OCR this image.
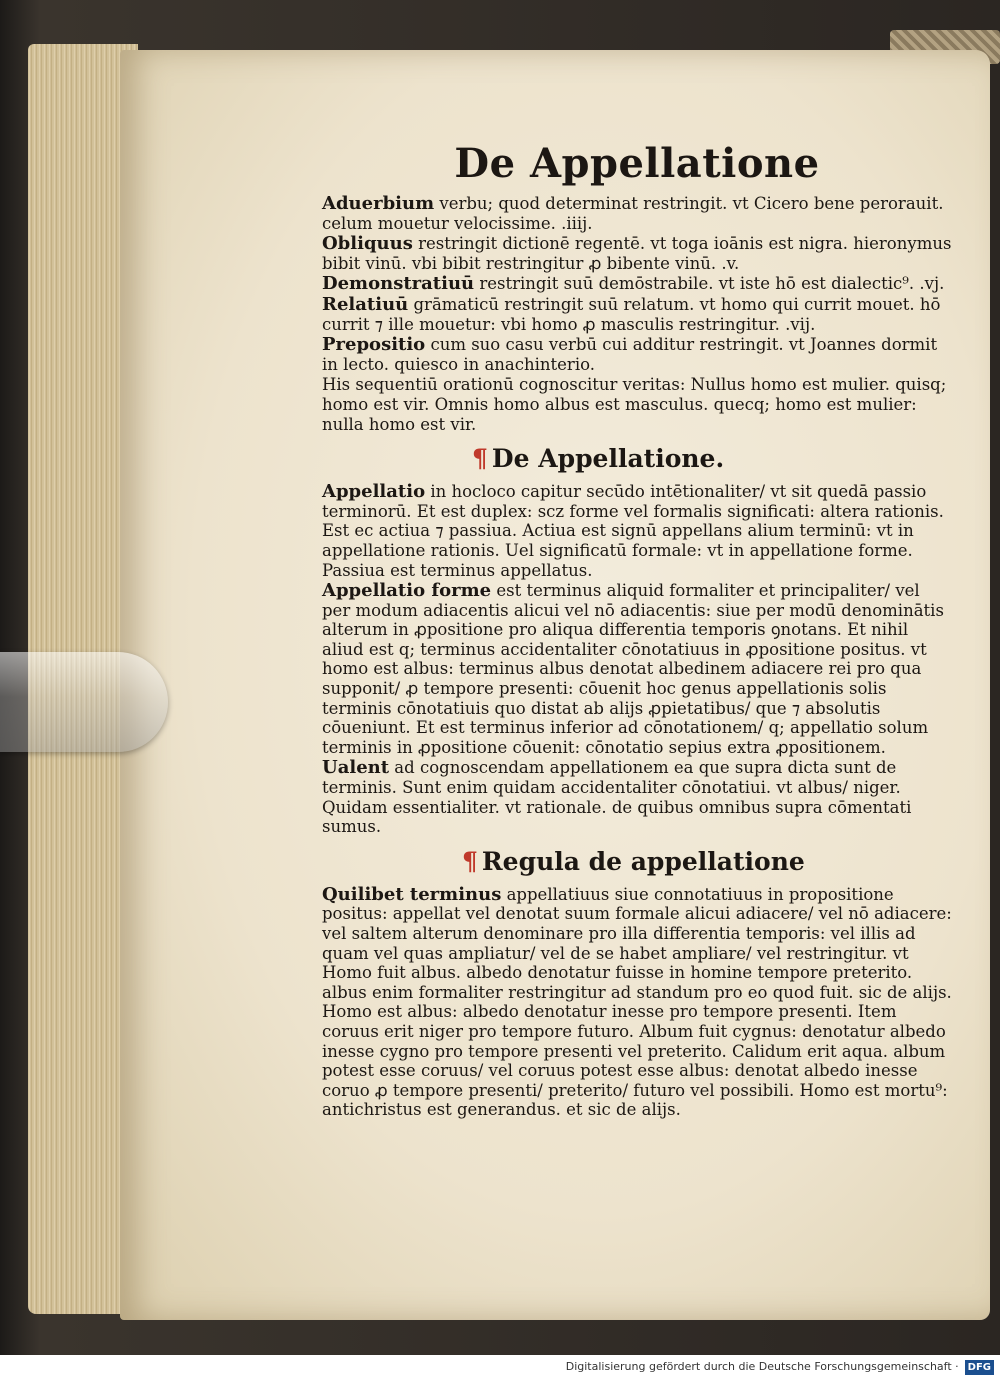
De Appellatione

Aduerbium verbu; quod determinat restringit. vt Cicero bene perorauit. celum mouetur velocissime. .iiij.

Obliquus restringit dictionē regentē. vt toga ioānis est nigra. hieronymus bibit vinū. vbi bibit restringitur ꝓ bibente vinū. .v.

Demonstratiuū restringit suū demōstrabile. vt iste hō est dialectic⁹. .vj.

Relatiuū grāmaticū restringit suū relatum. vt homo qui currit mouet. hō currit ⁊ ille mouetur: vbi homo ꝓ masculis restringitur. .vij.

Prepositio cum suo casu verbū cui additur restringit. vt Joannes dormit in lecto. quiesco in anachinterio.

His sequentiū orationū cognoscitur veritas: Nullus homo est mulier. quisq; homo est vir. Omnis homo albus est masculus. quecq; homo est mulier: nulla homo est vir.

¶ De Appellatione.

Appellatio in hocloco capitur secūdo intētionaliter/ vt sit quedā passio terminorū. Et est duplex: scz forme vel formalis significati: altera rationis. Est ec actiua ⁊ passiua. Actiua est signū appellans alium terminū: vt in appellatione rationis. Uel significatū formale: vt in appellatione forme. Passiua est terminus appellatus.

Appellatio forme est terminus aliquid formaliter et principaliter/ vel per modum adiacentis alicui vel nō adiacentis: siue per modū denominātis alterum in ꝓpositione pro aliqua differentia temporis ꝯnotans. Et nihil aliud est q; terminus accidentaliter cōnotatiuus in ꝓpositione positus. vt homo est albus: terminus albus denotat albedinem adiacere rei pro qua supponit/ ꝓ tempore presenti: cōuenit hoc genus appellationis solis terminis cōnotatiuis quo distat ab alijs ꝓpietatibus/ que ⁊ absolutis cōueniunt. Et est terminus inferior ad cōnotationem/ q; appellatio solum terminis in ꝓpositione cōuenit: cōnotatio sepius extra ꝓpositionem.

Ualent ad cognoscendam appellationem ea que supra dicta sunt de terminis. Sunt enim quidam accidentaliter cōnotatiui. vt albus/ niger. Quidam essentialiter. vt rationale. de quibus omnibus supra cōmentati sumus.

¶ Regula de appellatione

Quilibet terminus appellatiuus siue connotatiuus in propositione positus: appellat vel denotat suum formale alicui adiacere/ vel nō adiacere: vel saltem alterum denominare pro illa differentia temporis: vel illis ad quam vel quas ampliatur/ vel de se habet ampliare/ vel restringitur. vt Homo fuit albus. albedo denotatur fuisse in homine tempore preterito. albus enim formaliter restringitur ad standum pro eo quod fuit. sic de alijs. Homo est albus: albedo denotatur inesse pro tempore presenti. Item coruus erit niger pro tempore futuro. Album fuit cygnus: denotatur albedo inesse cygno pro tempore presenti vel preterito. Calidum erit aqua. album potest esse coruus/ vel coruus potest esse albus: denotat albedo inesse coruo ꝓ tempore presenti/ preterito/ futuro vel possibili. Homo est mortu⁹: antichristus est generandus. et sic de alijs.

Digitalisierung gefördert durch die Deutsche Forschungsgemeinschaft · DFG
